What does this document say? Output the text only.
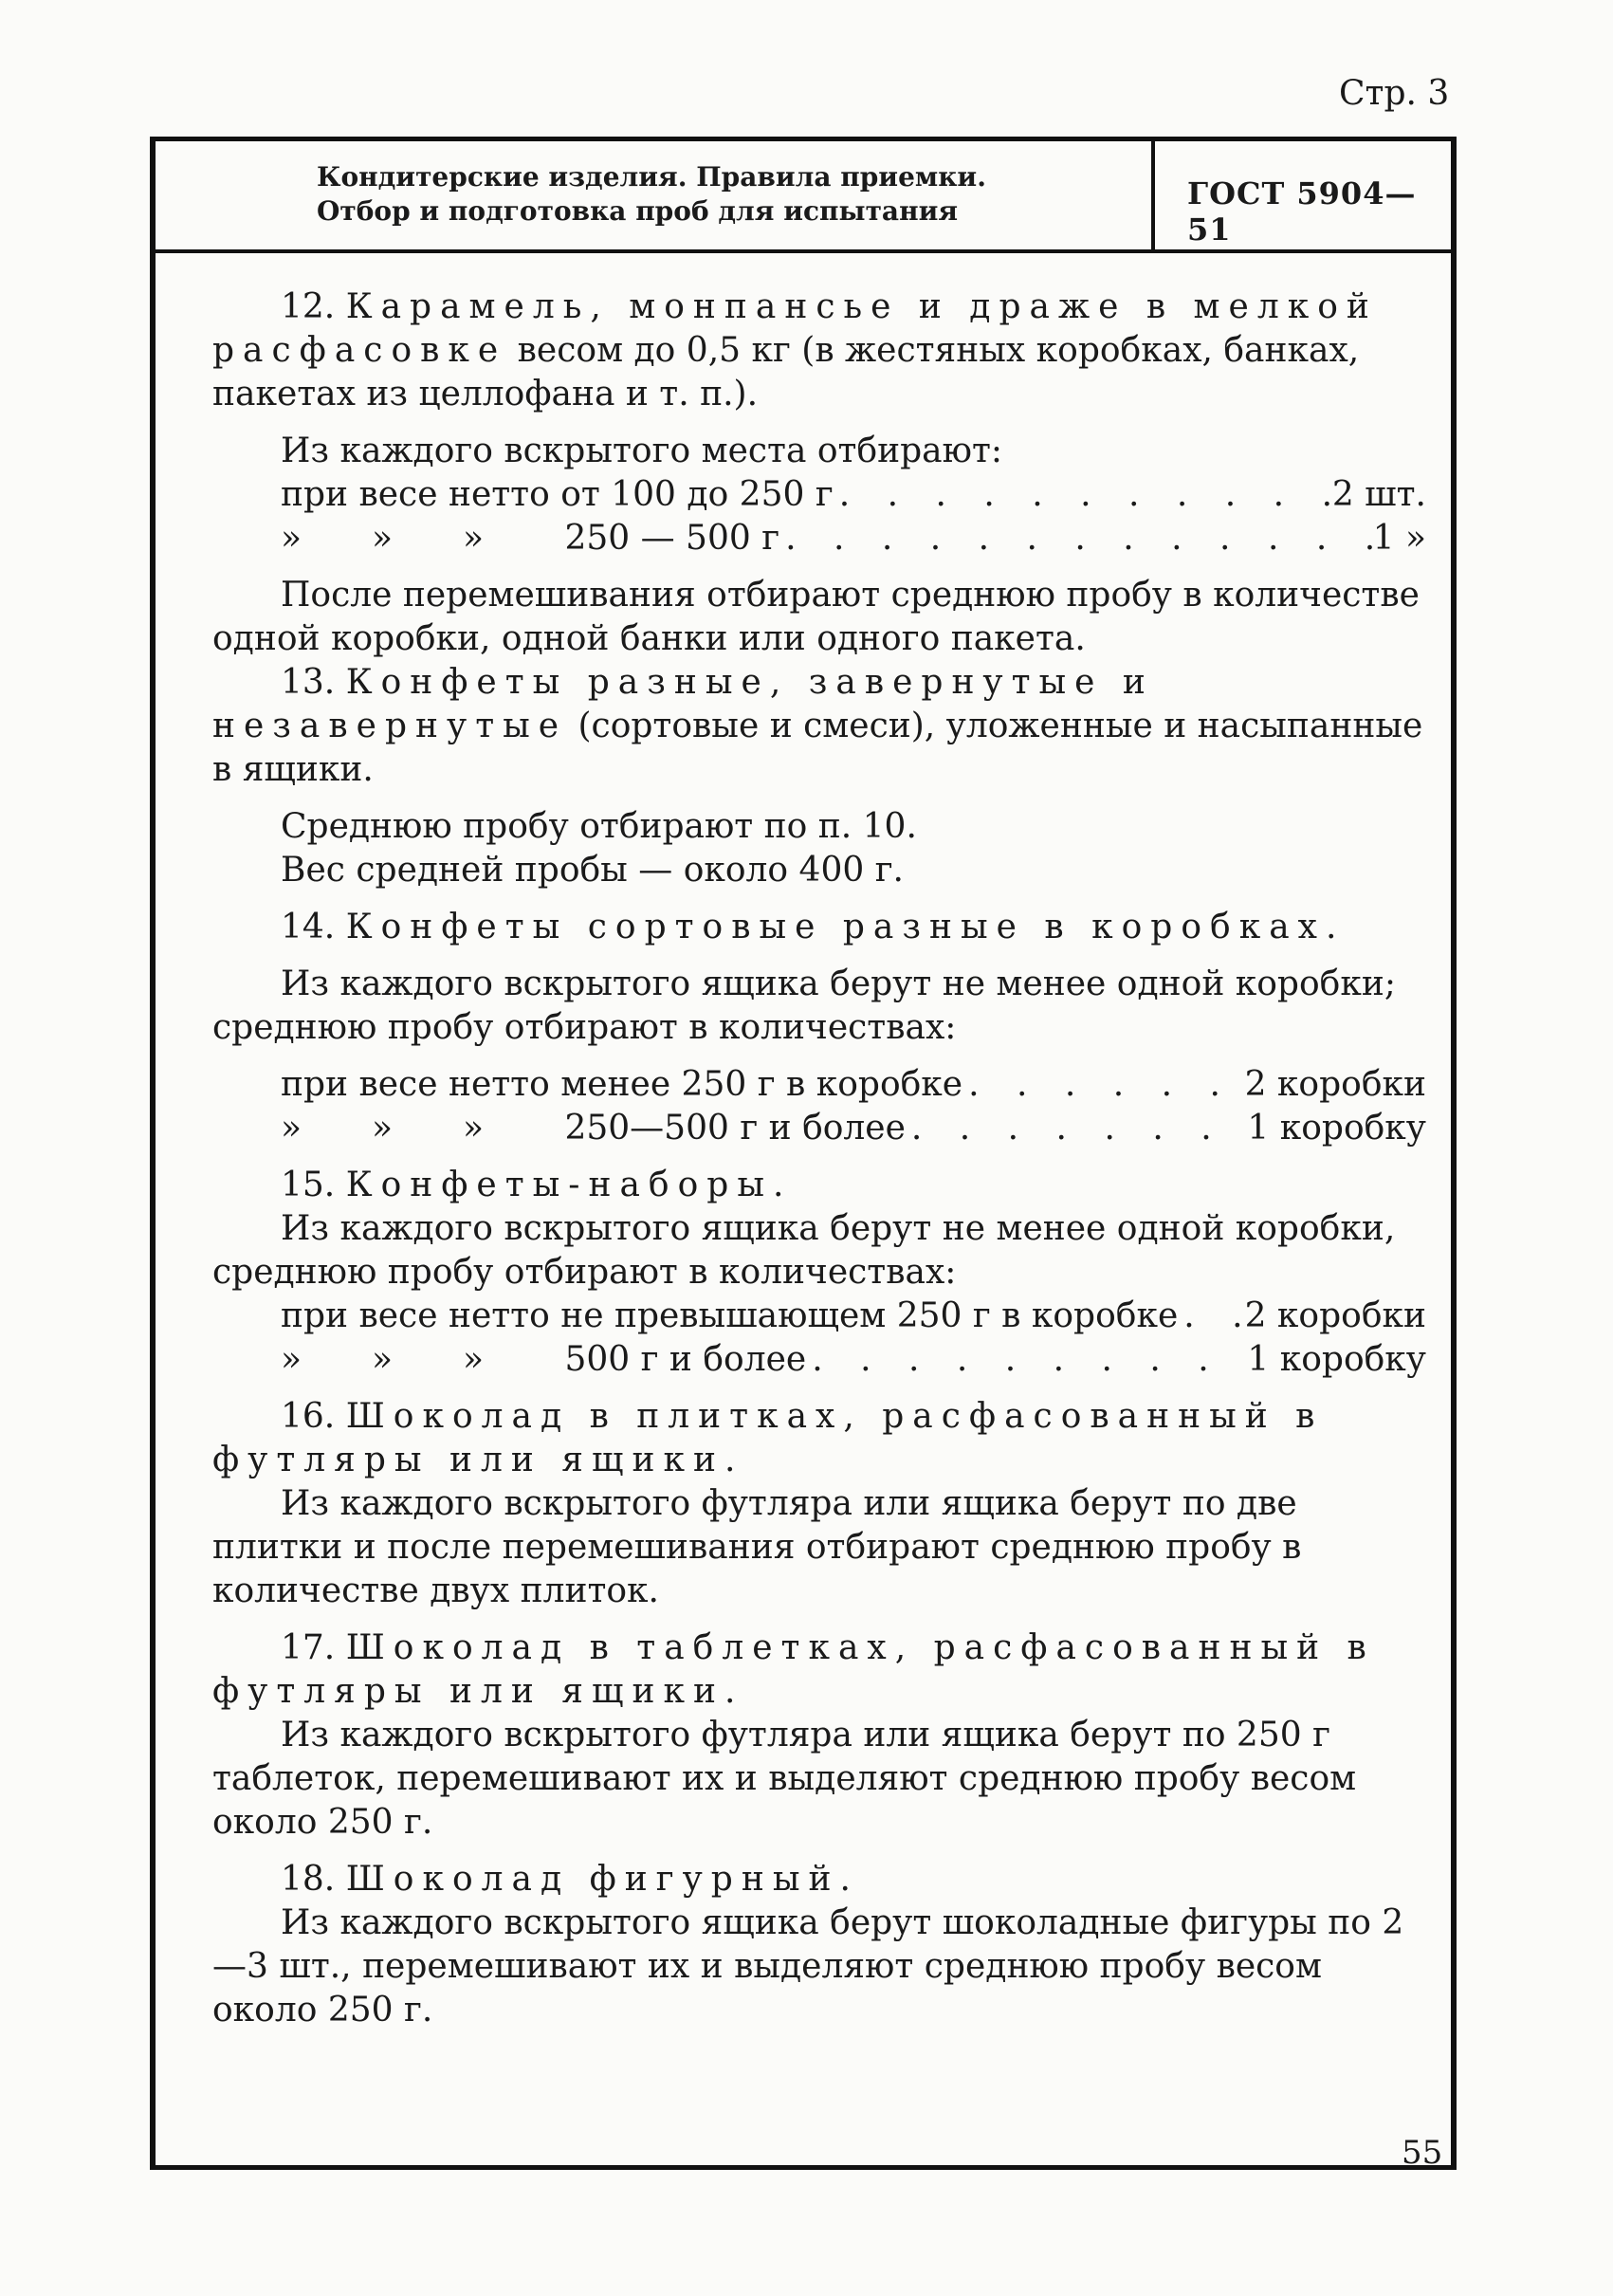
Стр. 3
Кондитерские изделия. Правила приемки.
Отбор и подготовка проб для испытания	ГОСТ 5904—51

12. Карамель, монпансье и драже в мелкой расфасовке весом до 0,5 кг (в жестяных коробках, банках, пакетах из целлофана и т. п.).

Из каждого вскрытого места отбирают:

при весе нетто от 100 до 250 г . . .	2 шт.
» » » 250 — 500 г . . .	1 »

После перемешивания отбирают среднюю пробу в количестве одной коробки, одной банки или одного пакета.

13. Конфеты разные, завернутые и незавернутые (сортовые и смеси), уложенные и насыпанные в ящики.

Среднюю пробу отбирают по п. 10.

Вес средней пробы — около 400 г.

14. Конфеты сортовые разные в коробках.

Из каждого вскрытого ящика берут не менее одной коробки; среднюю пробу отбирают в количествах:

при весе нетто менее 250 г в коробке . . .	2 коробки
» » » 250—500 г и более . . .	1 коробку

15. Конфеты-наборы.

Из каждого вскрытого ящика берут не менее одной коробки, среднюю пробу отбирают в количествах:

при весе нетто не превышающем 250 г в коробке . . . 2 коробки
» » » 500 г и более . . .	1 коробку

16. Шоколад в плитках, расфасованный в футляры или ящики.

Из каждого вскрытого футляра или ящика берут по две плитки и после перемешивания отбирают среднюю пробу в количестве двух плиток.

17. Шоколад в таблетках, расфасованный в футляры или ящики.

Из каждого вскрытого футляра или ящика берут по 250 г таблеток, перемешивают их и выделяют среднюю пробу весом около 250 г.

18. Шоколад фигурный.

Из каждого вскрытого ящика берут шоколадные фигуры по 2—3 шт., перемешивают их и выделяют среднюю пробу весом около 250 г.

55
